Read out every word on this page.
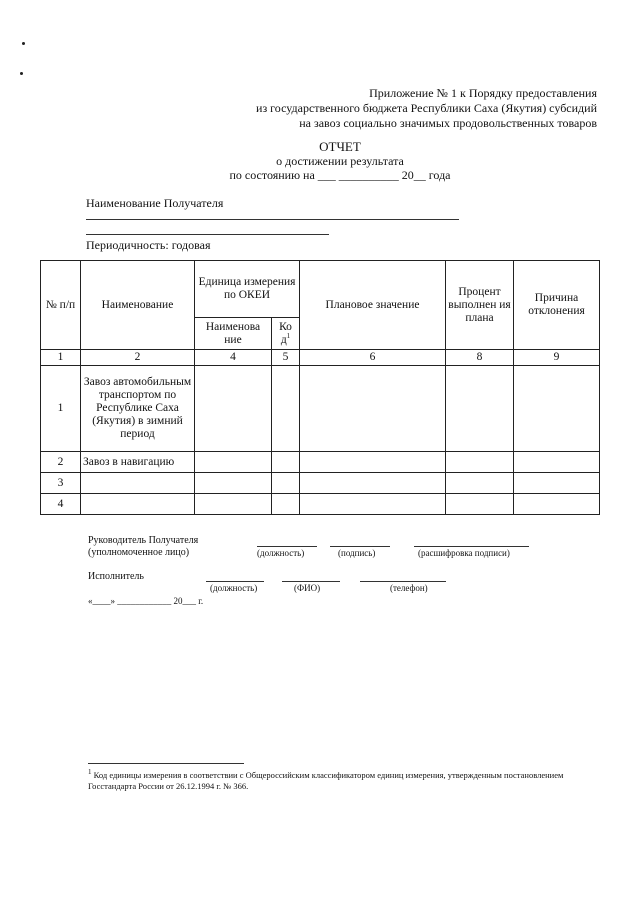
Приложение № 1 к Порядку предоставления
из государственного бюджета Республики Саха (Якутия) субсидий
на завоз социально значимых продовольственных товаров
ОТЧЕТ
о достижении результата
по состоянию на ___ __________ 20__ года
Наименование Получателя
Периодичность: годовая
№ п/п	Наименование	Единица измерения по ОКЕИ		Плановое значение	Процент выполнен ия плана	Причина отклонения
		Наименова ние	Ко $д^1$
1	2	4	5	6	8	9
1	Завоз автомобильным транспортом по Республике Саха (Якутия) в зимний период					
2	Завоз в навигацию					
3						
4						
Руководитель Получателя
(уполномоченное лицо)	(должность)	(подпись)	(расшифровка подписи)
Исполнитель
(должность)	(ФИО)	(телефон)
«____» ____________ 20___ г.
$^1$ Код единицы измерения в соответствии с Общероссийским классификатором единиц измерения, утвержденным постановлением Госстандарта России от 26.12.1994 г. № 366.
